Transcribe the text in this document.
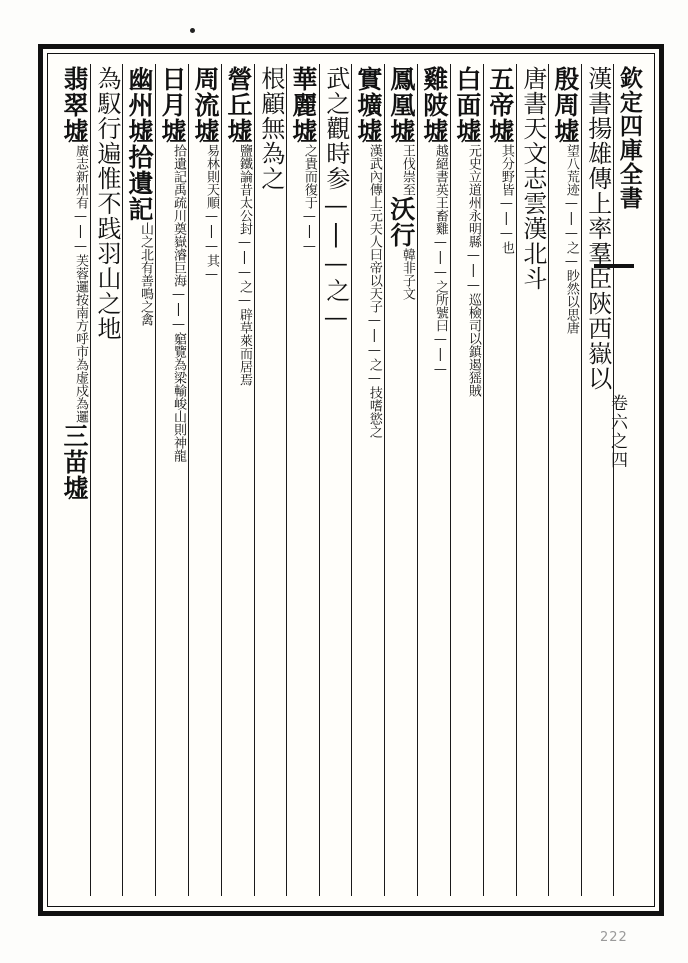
欽定四庫全書
卷六之四
漢書揚雄傳上率羣臣陝西嶽以
殷周墟
望八荒迹—|—之—眇然以思唐
唐書天文志雲漢北斗
五帝墟
其分野皆—|—也
白面墟
元史立道州永明縣—|—巡檢司以鎮遏猺賊
雞陂墟
越絕書英王畜雞—|—之所號曰—|—
鳳凰墟
王伐崇至
沃行
韓非子文
實壙墟
漢武內傳上元夫人曰帝以天子—|—之—技嗜慾之
武之觀時参—|—之—
華麗墟
之貴而復于—|—
根顧無為之
營丘墟
鹽鐵論昔太公封—|—之—辟草萊而居焉
周流墟
易林則天順—|—其—
日月墟
拾遺記禹疏川奠嶽濬巨海—|—竆覽為梁輸峻山則神龍
幽州墟拾遺記
山之北有善鳴之禽
為馭行遍
惟不践羽山之地
翡翠墟
廣志新州有—|—芙蓉邏
按南方呼市為虚戍為邏
三苗墟
222
